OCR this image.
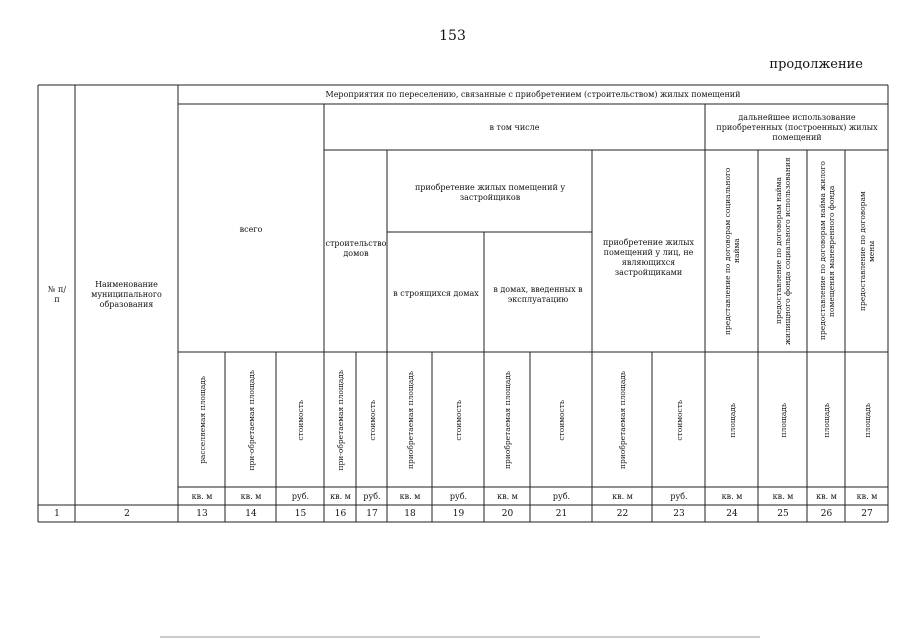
153
продолжение
№ п/п
Наименование муниципального образования
Мероприятия по переселению, связанные с приобретением (строительством) жилых помещений
всего
в том числе
строительство домов
приобретение жилых помещений у застройщиков
в строящихся домах	в домах, введенных в эксплуатацию
приобретение жилых помещений у лиц, не являющихся застройщиками
дальнейшее использование приобретенных (построенных) жилых помещений
представление по договорам социального найма	предоставление по договорам найма жилищного фонда социального использования	предоставление по договорам найма жилого помещения маневренного фонда	предоставление по договорам мены
расселяемая площадь	при-обретаемая площадь	стоимость	при-обретаемая площадь	стоимость	приобретаемая площадь	стоимость	приобретаемая площадь	стоимость	приобретаемая площадь	стоимость	площадь	площадь	площадь	площадь
кв. м	кв. м	руб.	кв. м	руб.	кв. м	руб.	кв. м	руб.	кв. м	руб.	кв. м	кв. м	кв. м	кв. м
1	2	13	14	15	16	17	18	19	20	21	22	23	24	25	26	27
